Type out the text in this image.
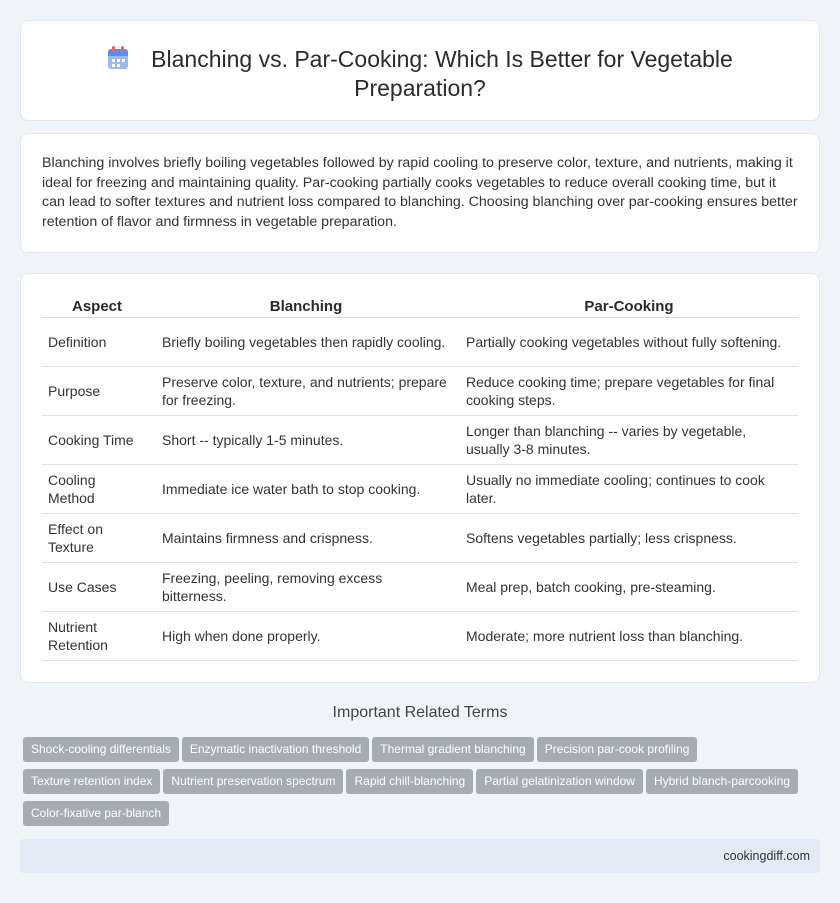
Blanching vs. Par-Cooking: Which Is Better for Vegetable Preparation?

Blanching involves briefly boiling vegetables followed by rapid cooling to preserve color, texture, and nutrients, making it ideal for freezing and maintaining quality. Par-cooking partially cooks vegetables to reduce overall cooking time, but it can lead to softer textures and nutrient loss compared to blanching. Choosing blanching over par-cooking ensures better retention of flavor and firmness in vegetable preparation.

Aspect		Blanching		Par-Cooking
Definition		Briefly boiling vegetables then rapidly cooling.		Partially cooking vegetables without fully softening.
Purpose		Preserve color, texture, and nutrients; prepare for freezing.		Reduce cooking time; prepare vegetables for final cooking steps.
Cooking Time		Short -- typically 1-5 minutes.		Longer than blanching -- varies by vegetable, usually 3-8 minutes.
Cooling Method		Immediate ice water bath to stop cooking.		Usually no immediate cooling; continues to cook later.
Effect on Texture		Maintains firmness and crispness.		Softens vegetables partially; less crispness.
Use Cases		Freezing, peeling, removing excess bitterness.		Meal prep, batch cooking, pre-steaming.
Nutrient Retention		High when done properly.		Moderate; more nutrient loss than blanching.
Important Related Terms
Shock-cooling differentials Enzymatic inactivation threshold Thermal gradient blanching Precision par-cook profiling
Texture retention index Nutrient preservation spectrum Rapid chill-blanching Partial gelatinization window Hybrid blanch-parcooking
Color-fixative par-blanch
cookingdiff.com
